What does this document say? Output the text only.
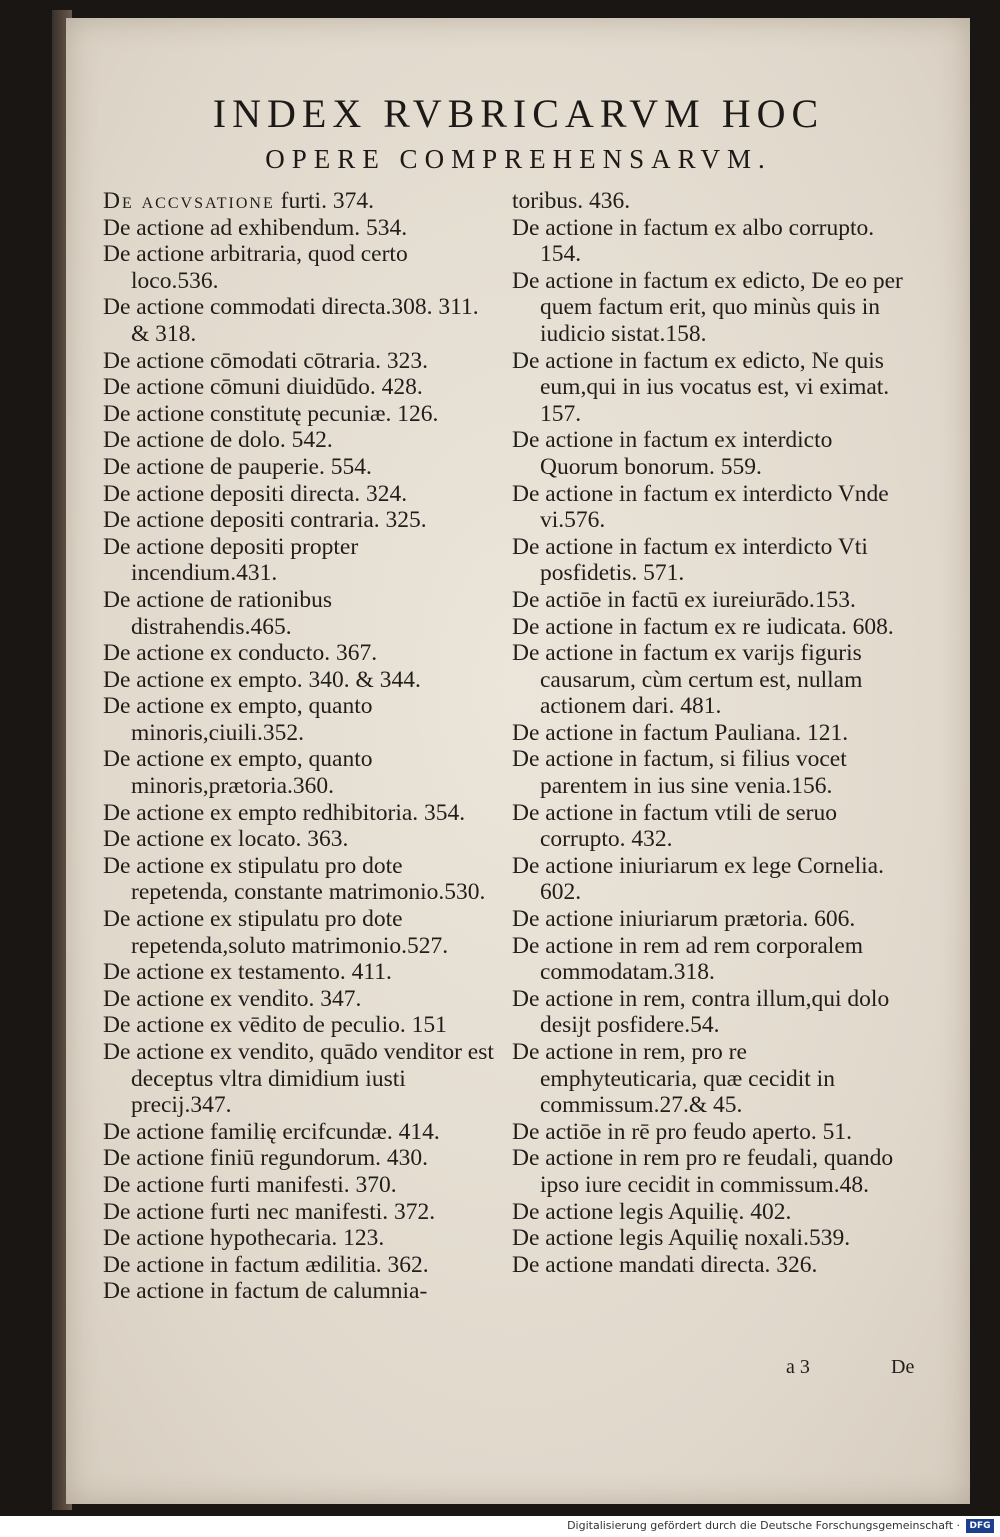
INDEX RVBRICARVM HOC
OPERE COMPREHENSARVM.

De accvsatione furti. 374.

De actione ad exhibendum. 534.

De actione arbitraria, quod certo loco.536.

De actione commodati directa.308. 311. & 318.

De actione cōmodati cōtraria. 323.

De actione cōmuni diuidūdo. 428.

De actione constitutę pecuniæ. 126.

De actione de dolo. 542.

De actione de pauperie. 554.

De actione depositi directa. 324.

De actione depositi contraria. 325.

De actione depositi propter incendium.431.

De actione de rationibus distrahendis.465.

De actione ex conducto. 367.

De actione ex empto. 340. & 344.

De actione ex empto, quanto minoris,ciuili.352.

De actione ex empto, quanto minoris,prætoria.360.

De actione ex empto redhibitoria. 354.

De actione ex locato. 363.

De actione ex stipulatu pro dote repetenda, constante matrimonio.530.

De actione ex stipulatu pro dote repetenda,soluto matrimonio.527.

De actione ex testamento. 411.

De actione ex vendito. 347.

De actione ex vēdito de peculio. 151

De actione ex vendito, quādo venditor est deceptus vltra dimidium iusti precij.347.

De actione familię ercifcundæ. 414.

De actione finiū regundorum. 430.

De actione furti manifesti. 370.

De actione furti nec manifesti. 372.

De actione hypothecaria. 123.

De actione in factum ædilitia. 362.

De actione in factum de calumnia-

toribus. 436.

De actione in factum ex albo corrupto. 154.

De actione in factum ex edicto, De eo per quem factum erit, quo minùs quis in iudicio sistat.158.

De actione in factum ex edicto, Ne quis eum,qui in ius vocatus est, vi eximat. 157.

De actione in factum ex interdicto Quorum bonorum. 559.

De actione in factum ex interdicto Vnde vi.576.

De actione in factum ex interdicto Vti posfidetis. 571.

De actiōe in factū ex iureiurādo.153.

De actione in factum ex re iudicata. 608.

De actione in factum ex varijs figuris causarum, cùm certum est, nullam actionem dari. 481.

De actione in factum Pauliana. 121.

De actione in factum, si filius vocet parentem in ius sine venia.156.

De actione in factum vtili de seruo corrupto. 432.

De actione iniuriarum ex lege Cornelia. 602.

De actione iniuriarum prætoria. 606.

De actione in rem ad rem corporalem commodatam.318.

De actione in rem, contra illum,qui dolo desijt posfidere.54.

De actione in rem, pro re emphyteuticaria, quæ cecidit in commissum.27.& 45.

De actiōe in rē pro feudo aperto. 51.

De actione in rem pro re feudali, quando ipso iure cecidit in commissum.48.

De actione legis Aquilię. 402.

De actione legis Aquilię noxali.539.

De actione mandati directa. 326.

a 3	De
Digitalisierung gefördert durch die Deutsche Forschungsgemeinschaft ·	DFG
